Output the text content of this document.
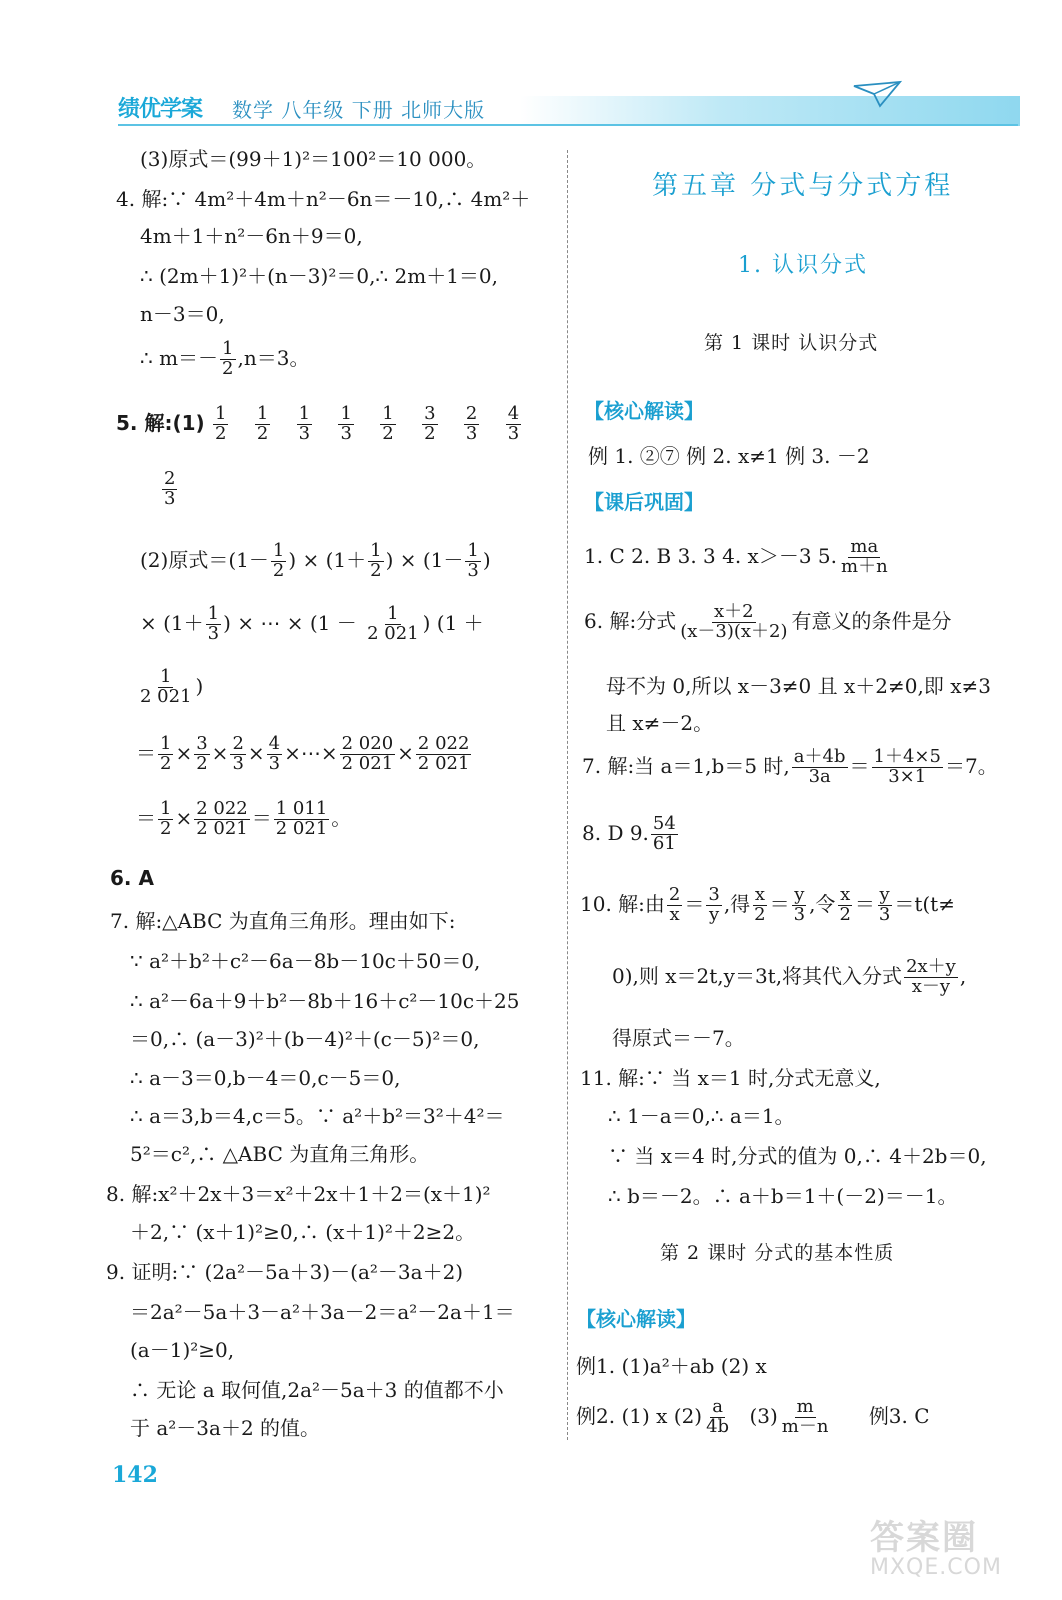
绩优学案 数学 八年级 下册 北师大版
(3)原式＝(99＋1)²＝100²＝10 000。
4. 解:∵ 4m²＋4m＋n²－6n＝－10,∴ 4m²＋
4m＋1＋n²－6n＋9＝0,
∴ (2m＋1)²＋(n－3)²＝0,∴ 2m＋1＝0,
n－3＝0,
∴ $m=- \frac{1}{2} ,n=3$。
5. 解:(1) $\frac{1}{2}$
$\frac{1}{2}$
$\frac{1}{3}$
$\frac{1}{3}$
$\frac{1}{2}$
$\frac{3}{2}$
$\frac{2}{3}$
$\frac{4}{3}$
$\frac{2}{3}$
(2)原式$=(1- \frac{1}{2}$ ) × ($1+ \frac{1}{2}$ ) × ($1- \frac{1}{3}$ )
× ($1+ \frac{1}{3}$ ) × ⋯ × ($1 - \frac{1}{2 021}$ ) (1 ＋
$\frac{1}{2 021}$ )
＝ $\frac{1}{2} \times \frac{3}{2} \times \frac{2}{3} \times \frac{4}{3}$ ×⋯× $\frac{2 020}{2 021} \times \frac{2 022}{2 021}$
＝ $\frac{1}{2} \times \frac{2 022}{2 021} = \frac{1 011}{2 021}$ 。
6. A
7. 解:△ABC 为直角三角形。理由如下:
∵ a²＋b²＋c²－6a－8b－10c＋50＝0,
∴ a²－6a＋9＋b²－8b＋16＋c²－10c＋25
＝0,∴ (a－3)²＋(b－4)²＋(c－5)²＝0,
∴ a－3＝0,b－4＝0,c－5＝0,
∴ a＝3,b＝4,c＝5。∵ a²＋b²＝3²＋4²＝
5²＝c²,∴ △ABC 为直角三角形。
8. 解:x²＋2x＋3＝x²＋2x＋1＋2＝(x＋1)²
＋2,∵ (x＋1)²≥0,∴ (x＋1)²＋2≥2。
9. 证明:∵ (2a²－5a＋3)－(a²－3a＋2)
＝2a²－5a＋3－a²＋3a－2＝a²－2a＋1＝
(a－1)²≥0,
∴ 无论 a 取何值,2a²－5a＋3 的值都不小
于 a²－3a＋2 的值。
第五章 分式与分式方程
1. 认识分式
第 1 课时 认识分式
【核心解读】
例 1. ②⑦ 例 2. x≠1 例 3. －2
【课后巩固】
1. C 2. B 3. 3 4. x＞－3 5. $\frac{ma}{m+n}$
6. 解:分式 $\frac{x+2}{(x-3)(x+2)}$ 有意义的条件是分
母不为 0,所以 x－3≠0 且 x＋2≠0,即 x≠3
且 x≠－2。
7. 解:当 a＝1,b＝5 时, $\frac{a+4b}{3a} = \frac{1+4\times 5}{3\times 1} =7$。
8. D 9. $\frac{54}{61}$
10. 解:由 $\frac{2}{x} = \frac{3}{y}$ ,得 $\frac{x}{2} = \frac{y}{3}$ ,令 $\frac{x}{2} = \frac{y}{3} =t(t\ne$
0),则 x＝2t,y＝3t,将其代入分式 $\frac{2x+y}{x-y}$ ,
得原式＝－7。
11. 解:∵ 当 x＝1 时,分式无意义,
∴ 1－a＝0,∴ a＝1。
∵ 当 x＝4 时,分式的值为 0,∴ 4＋2b＝0,
∴ b＝－2。∴ a＋b＝1＋(－2)＝－1。
第 2 课时 分式的基本性质
【核心解读】
例1. (1)a²＋ab (2) x
例2. (1) x $(2) \frac{a}{4b} (3) \frac{m}{m-n}$ 例3. C
142
答案圈
MXQE.COM
